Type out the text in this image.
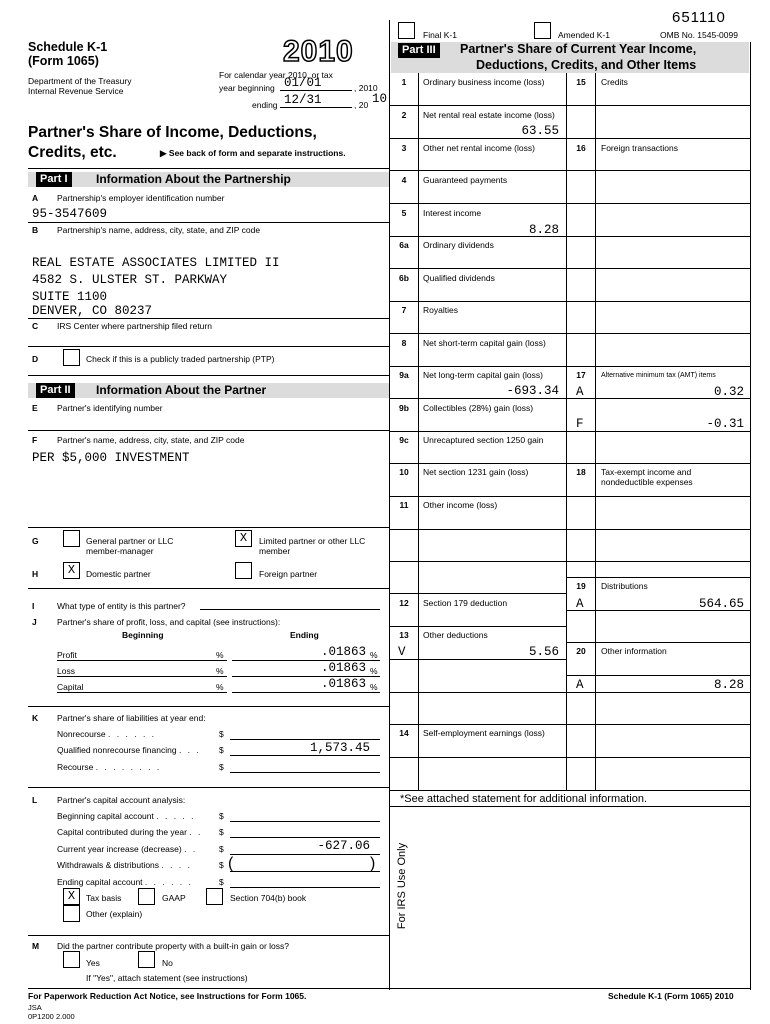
651110
Final K-1	Amended K-1	OMB No. 1545-0099
Schedule K-1
(Form 1065)	2010
Department of the Treasury
Internal Revenue Service
For calendar year 2010, or tax
year beginning 01/01	, 2010
ending 12/31	, 20 10
Partner's Share of Income, Deductions,
Credits, etc.	▶ See back of form and separate instructions.
Part I	Information About the Partnership
A Partnership's employer identification number
95-3547609
B Partnership's name, address, city, state, and ZIP code
REAL ESTATE ASSOCIATES LIMITED II
4582 S. ULSTER ST. PARKWAY
SUITE 1100
DENVER, CO 80237
C IRS Center where partnership filed return
D	Check if this is a publicly traded partnership (PTP)
Part II	Information About the Partner
E Partner's identifying number
F Partner's name, address, city, state, and ZIP code
PER $5,000 INVESTMENT
G	General partner or LLC
member-manager
X	Limited partner or other LLC
member
H	X	Domestic partner	Foreign partner
I	What type of entity is this partner?
J Partner's share of profit, loss, and capital (see instructions):
Beginning	Ending
Profit	%	.01863 %
Loss	%	.01863 %
Capital	%	.01863 %
K Partner's share of liabilities at year end:
Nonrecourse . . . . . .	$
Qualified nonrecourse financing . . . $	1,573.45
Recourse . . . . . . . .	$
L Partner's capital account analysis:
Beginning capital account . . . . .	$
Capital contributed during the year . . $
Current year increase (decrease) . .	$	-627.06
Withdrawals & distributions . . . .	$ (	)
Ending capital account . . . . . .	$
X	Tax basis	GAAP	Section 704(b) book
Other (explain)
M Did the partner contribute property with a built-in gain or loss?
Yes	No
If "Yes", attach statement (see instructions)
Part III	Partner's Share of Current Year Income,
Deductions, Credits, and Other Items
1	Ordinary business income (loss)
2	Net rental real estate income (loss)
63.55
3	Other net rental income (loss)
4	Guaranteed payments
5	Interest income
8.28
6a	Ordinary dividends
6b	Qualified dividends
7	Royalties
8	Net short-term capital gain (loss)
9a	Net long-term capital gain (loss)
-693.34
9b	Collectibles (28%) gain (loss)
9c	Unrecaptured section 1250 gain
10	Net section 1231 gain (loss)
11	Other income (loss)
12	Section 179 deduction
13	Other deductions
V	5.56
14	Self-employment earnings (loss)
15	Credits
16	Foreign transactions
17	Alternative minimum tax (AMT) items
A	0.32
F	-0.31
18	Tax-exempt income and
nondeductible expenses
19	Distributions
A	564.65
20	Other information
A	8.28
*See attached statement for additional information.
For IRS Use Only
For Paperwork Reduction Act Notice, see Instructions for Form 1065.	Schedule K-1 (Form 1065) 2010
JSA
0P1200 2.000
